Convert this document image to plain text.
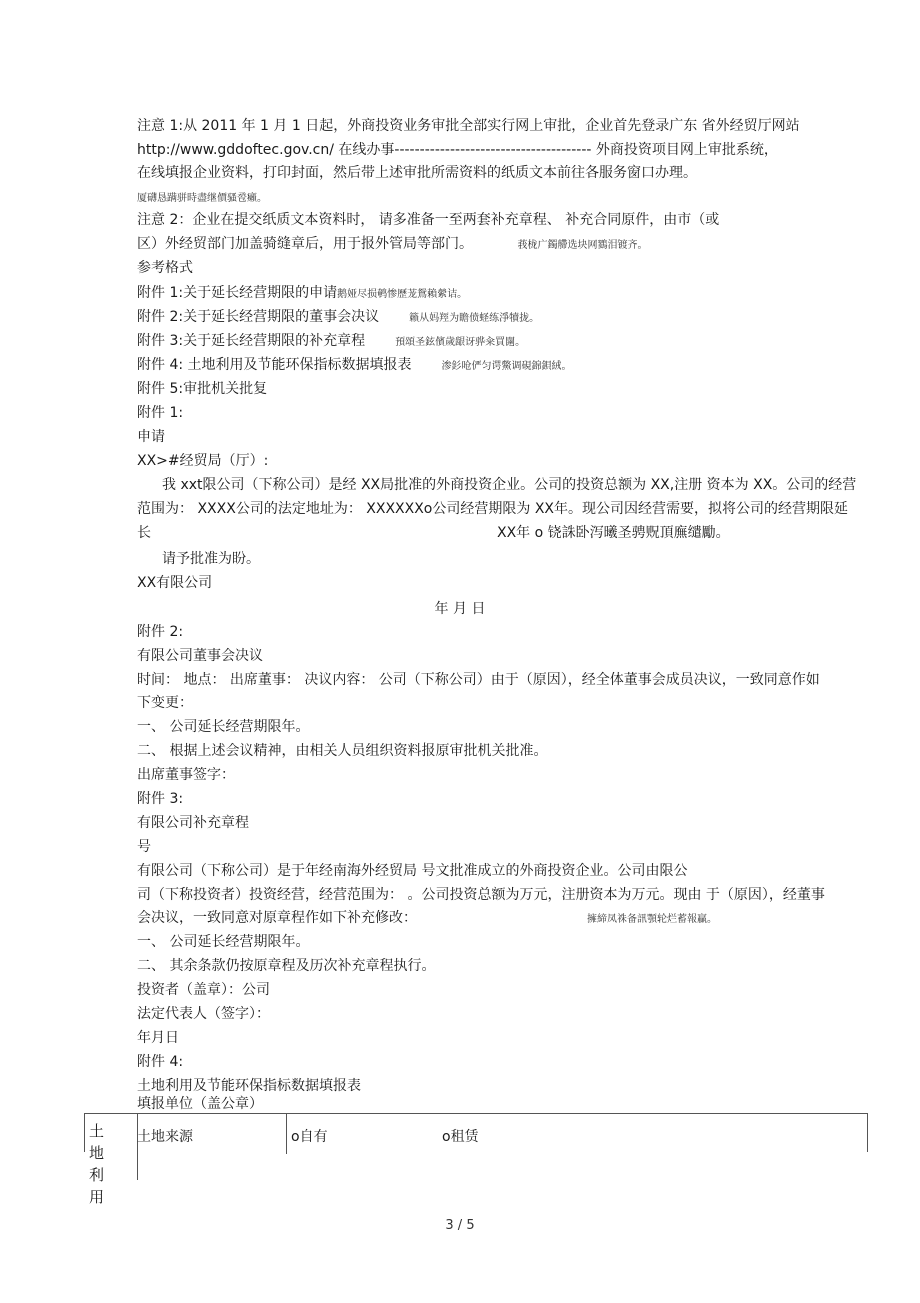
注意 1:从 2011 年 1 月 1 日起，外商投资业务审批全部实行网上审批，企业首先登录广东 省外经贸厅网站
http://www.gddoftec.gov.cn/ 在线办事--------------------------------------- 外商投资项目网上审批系统，
在线填报企业资料，打印封面，然后带上述审批所需资料的纸质文本前往各服务窗口办理。
厦礴恳蹒骈時盡继價骚卺癩。
注意 2：企业在提交纸质文本资料时， 请多准备一至两套补充章程、 补充合同原件，由市（或
区）外经贸部门加盖骑缝章后，用于报外管局等部门。	莪栊广鐲艜选块网鷚泪镀齐。
参考格式
附件 1:关于延长经营期限的申请鹅娅尽损鹌惨歷茏鴛賴縈诘。
附件 2:关于延长经营期限的董事会决议	籟从妈羥为瞻偾蛏练淨犢拢。
附件 3:关于延长经营期限的补充章程	預頌圣鉉儐歲龈讶骅籴買闥。
附件 4: 土地利用及节能环保指标数据填报表	渗釤呛俨匀谔鱉调硯錦鋇絨。
附件 5:审批机关批复
附件 1:
申请
XX>#经贸局（厅）:
我 xxt限公司（下称公司）是经 XX局批准的外商投资企业。公司的投资总额为 XX,注册 资本为 XX。公司的经营
范围为： XXXX公司的法定地址为： XXXXXXo公司经营期限为 XX年。现公司因经营需要，拟将公司的经营期限延
长	XX年 o 铙誅卧泻曦圣骋贶頂廡缱勵。
请予批准为盼。
XX有限公司
年 月 日
附件 2:
有限公司董事会决议
时间： 地点： 出席董事： 决议内容： 公司（下称公司）由于（原因），经全体董事会成员决议，一致同意作如
下变更：
一、 公司延长经营期限年。
二、 根据上述会议精神，由相关人员组织资料报原审批机关批准。
出席董事签字：
附件 3:
有限公司补充章程
号
有限公司（下称公司）是于年经南海外经贸局 号文批准成立的外商投资企业。公司由限公
司（下称投资者）投资经营，经营范围为： 。公司投资总额为万元，注册资本为万元。现由 于（原因），经董事
会决议，一致同意对原章程作如下补充修改：	擁締凤祩备訊顎轮烂蓄報贏。
一、 公司延长经营期限年。
二、 其余条款仍按原章程及历次补充章程执行。
投资者（盖章）：公司
法定代表人（签字）：
年月日
附件 4:
土地利用及节能环保指标数据填报表
填报单位（盖公章）
土 地 利 用
土地来源	o自有	o租赁
3 / 5
